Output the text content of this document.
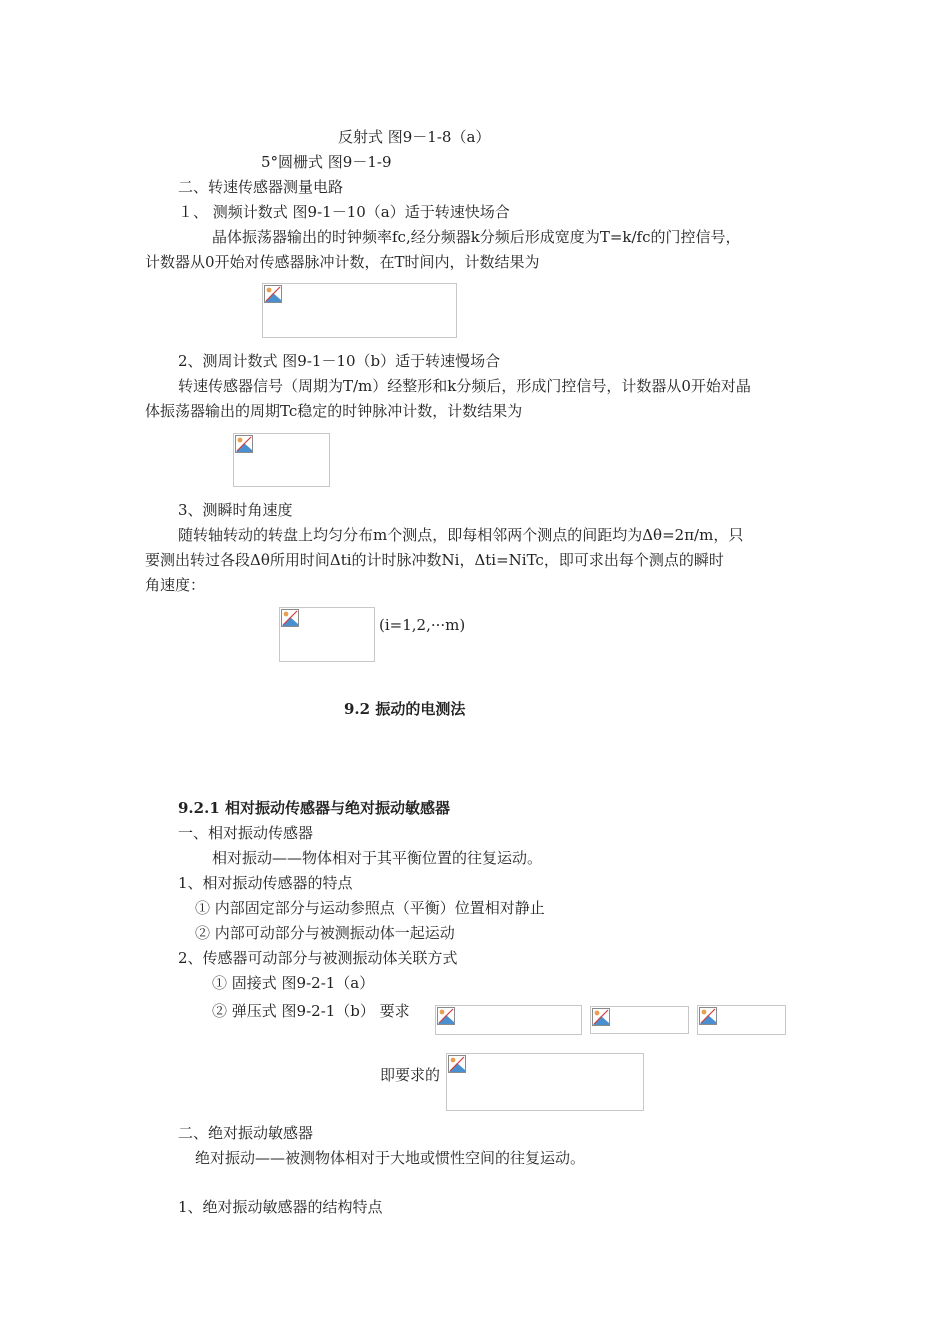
反射式 图9－1-8（a）
5°圆栅式 图9－1-9
二、转速传感器测量电路
１、 测频计数式 图9-1－10（a）适于转速快场合
晶体振荡器输出的时钟频率fc,经分频器k分频后形成宽度为T=k/fc的门控信号，
计数器从0开始对传感器脉冲计数，在T时间内，计数结果为
2、测周计数式 图9-1－10（b）适于转速慢场合
转速传感器信号（周期为T/m）经整形和k分频后，形成门控信号，计数器从0开始对晶
体振荡器输出的周期Tc稳定的时钟脉冲计数，计数结果为
3、测瞬时角速度
随转轴转动的转盘上均匀分布m个测点，即每相邻两个测点的间距均为Δθ=2π/m，只
要测出转过各段Δθ所用时间Δti的计时脉冲数Ni，Δti=NiTc，即可求出每个测点的瞬时
角速度：
(i=1,2,···m)
9.2 振动的电测法
9.2.1 相对振动传感器与绝对振动敏感器
一、相对振动传感器
相对振动——物体相对于其平衡位置的往复运动。
1、相对振动传感器的特点
① 内部固定部分与运动参照点（平衡）位置相对静止
② 内部可动部分与被测振动体一起运动
2、传感器可动部分与被测振动体关联方式
① 固接式 图9-2-1（a）
② 弹压式 图9-2-1（b） 要求
即要求的
二、绝对振动敏感器
绝对振动——被测物体相对于大地或惯性空间的往复运动。
1、绝对振动敏感器的结构特点
